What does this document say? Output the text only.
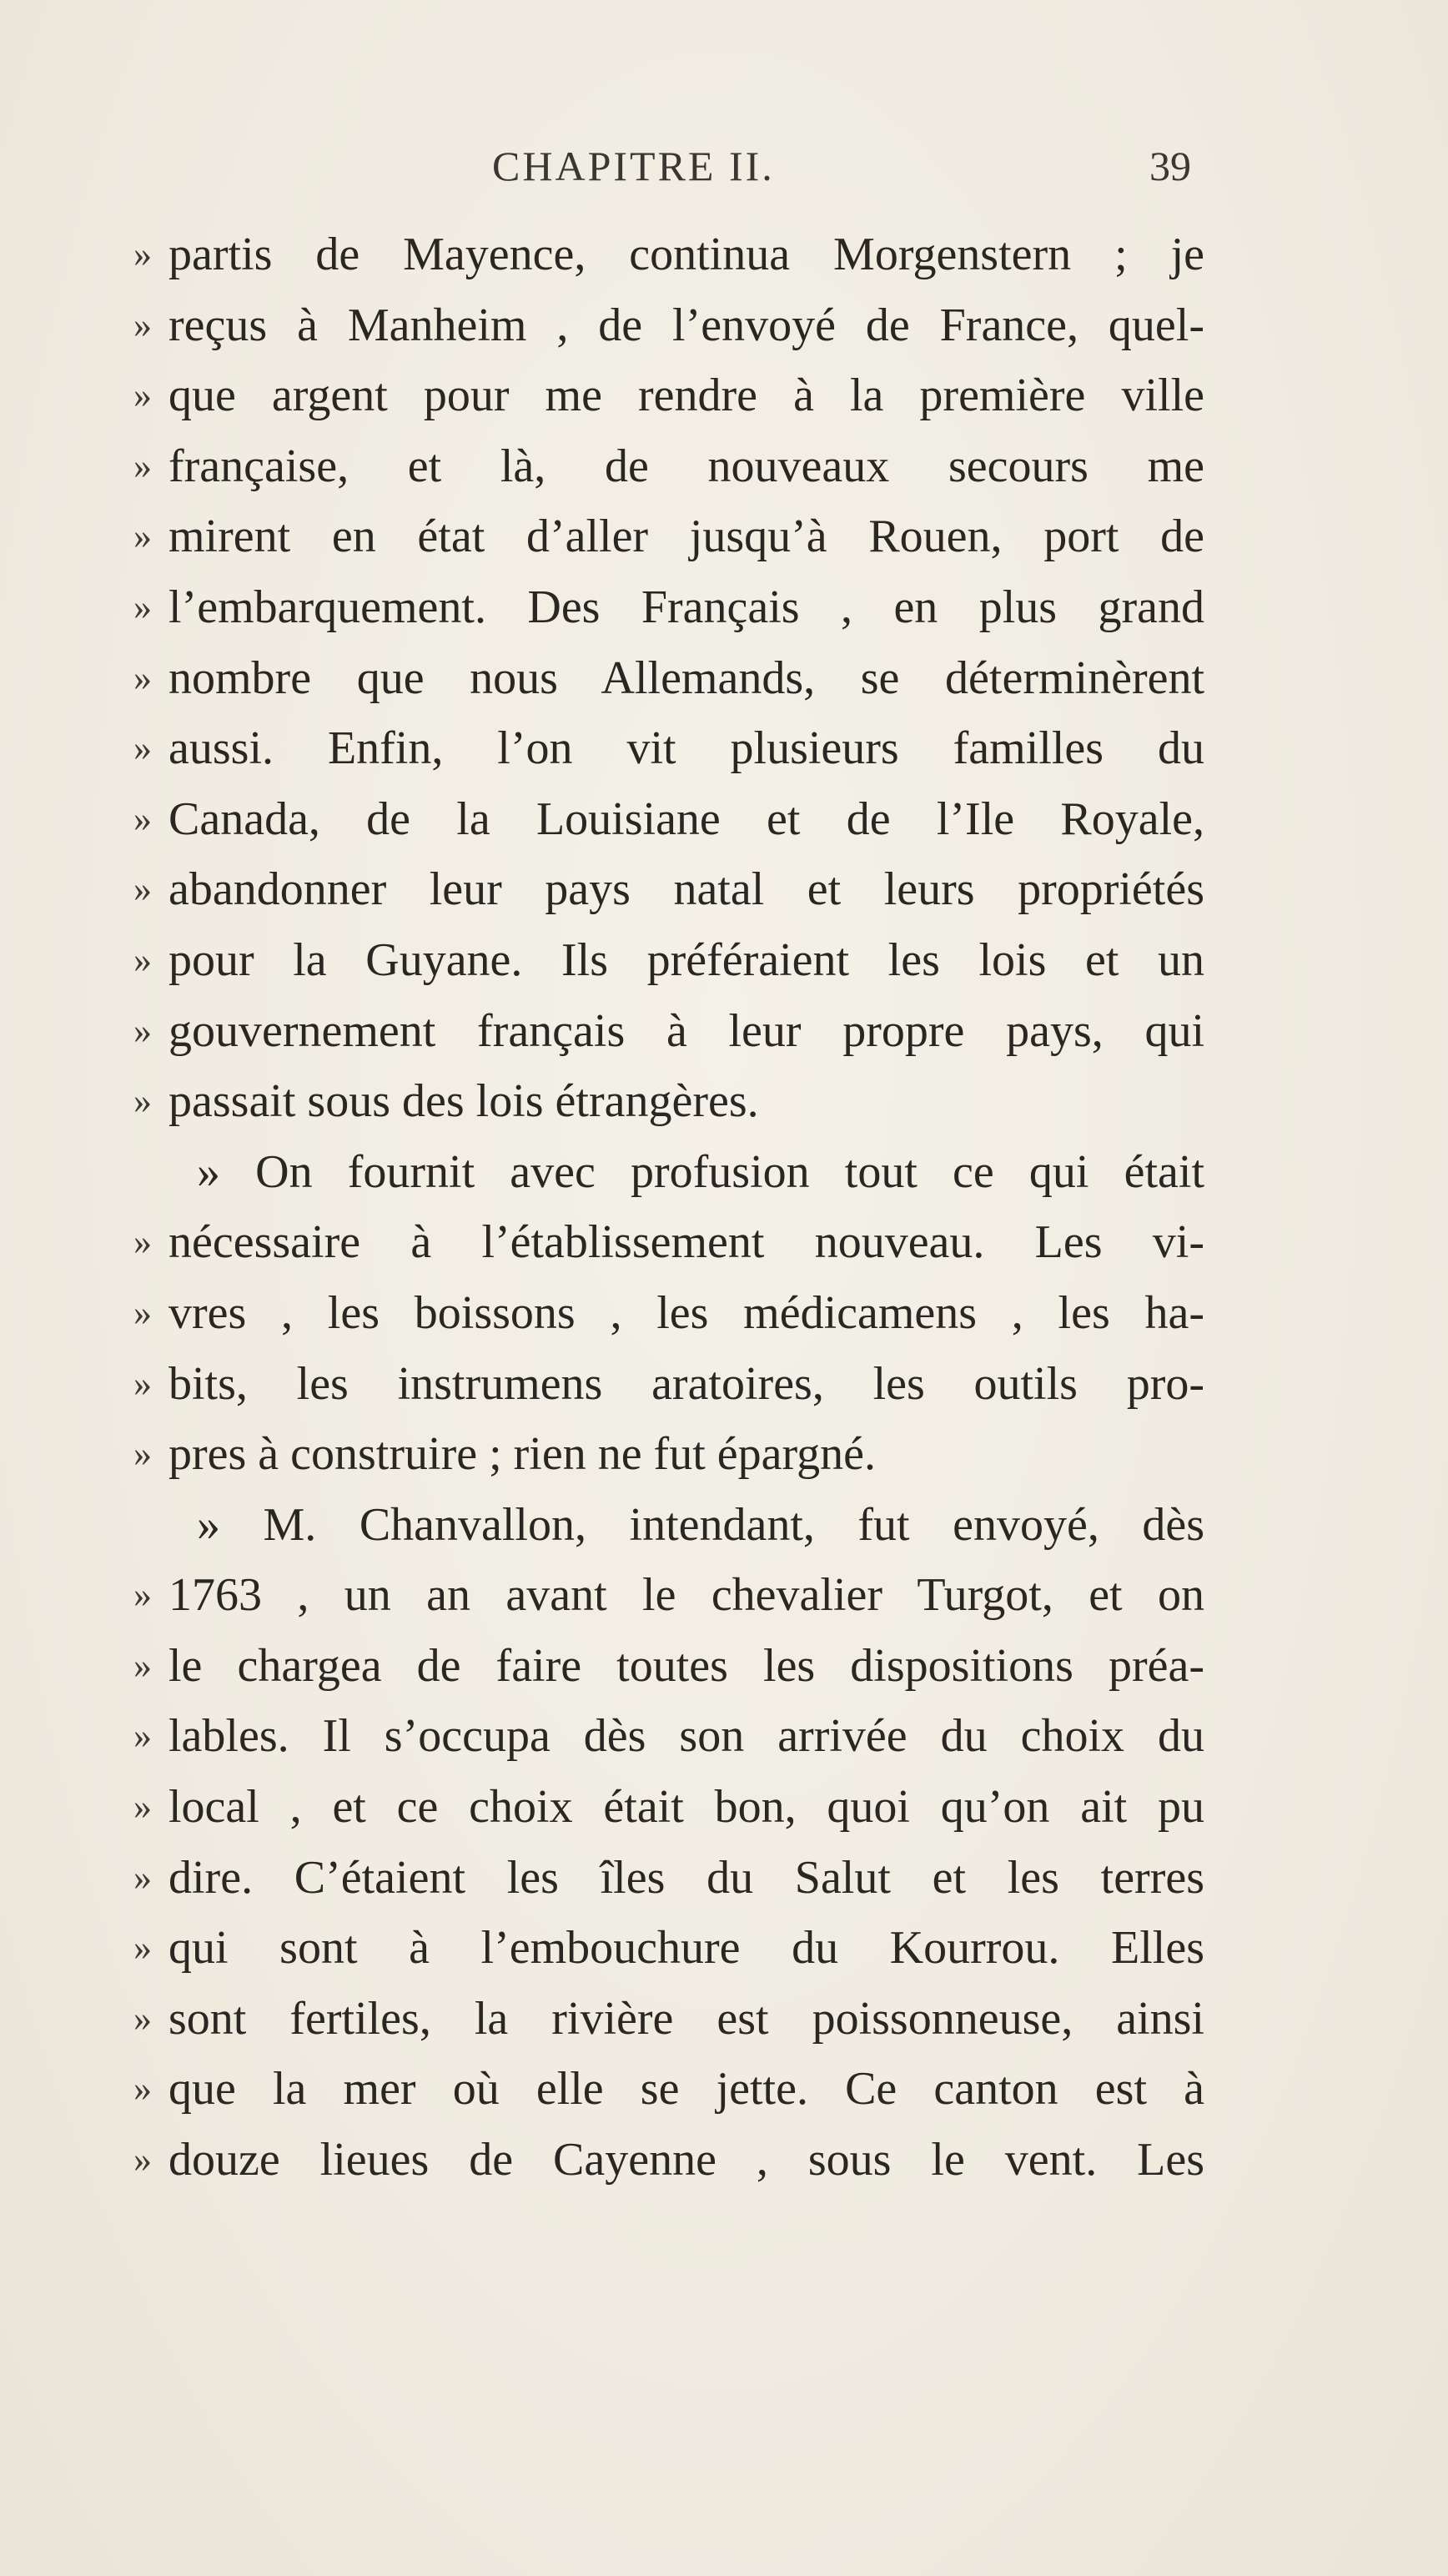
CHAPITRE II.	39
» partis de Mayence, continua Morgenstern ; je
» reçus à Manheim , de l’envoyé de France, quel-
» que argent pour me rendre à la première ville
» française, et là, de nouveaux secours me
» mirent en état d’aller jusqu’à Rouen, port de
» l’embarquement. Des Français , en plus grand
» nombre que nous Allemands, se déterminèrent
» aussi. Enfin, l’on vit plusieurs familles du
» Canada, de la Louisiane et de l’Ile Royale,
» abandonner leur pays natal et leurs propriétés
» pour la Guyane. Ils préféraient les lois et un
» gouvernement français à leur propre pays, qui
» passait sous des lois étrangères.
» On fournit avec profusion tout ce qui était
» nécessaire à l’établissement nouveau. Les vi-
» vres , les boissons , les médicamens , les ha-
» bits, les instrumens aratoires, les outils pro-
» pres à construire ; rien ne fut épargné.
» M. Chanvallon, intendant, fut envoyé, dès
» 1763 , un an avant le chevalier Turgot, et on
» le chargea de faire toutes les dispositions préa-
» lables. Il s’occupa dès son arrivée du choix du
» local , et ce choix était bon, quoi qu’on ait pu
» dire. C’étaient les îles du Salut et les terres
» qui sont à l’embouchure du Kourrou. Elles
» sont fertiles, la rivière est poissonneuse, ainsi
» que la mer où elle se jette. Ce canton est à
» douze lieues de Cayenne , sous le vent. Les
